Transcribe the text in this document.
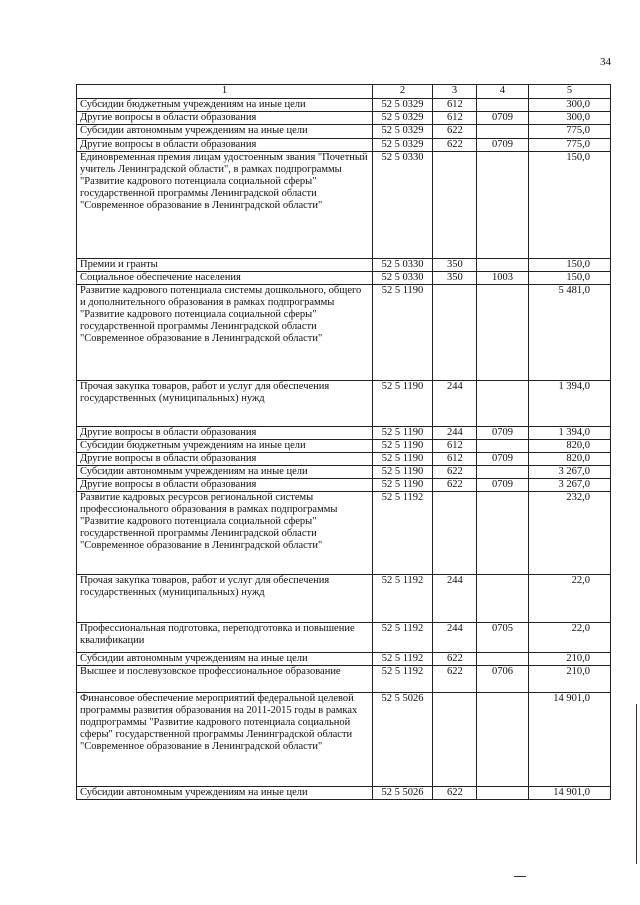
34
1	2	3	4	5
Субсидии бюджетным учреждениям на иные цели	52 5 0329	612		300,0
Другие вопросы в области образования	52 5 0329	612	0709	300,0
Субсидии автономным учреждениям на иные цели	52 5 0329	622		775,0
Другие вопросы в области образования	52 5 0329	622	0709	775,0
Единовременная премия лицам удостоенным звания "Почетный учитель Ленинградской области", в рамках подпрограммы "Развитие кадрового потенциала социальной сферы" государственной программы Ленинградской области "Современное образование в Ленинградской области"	52 5 0330			150,0
Премии и гранты	52 5 0330	350		150,0
Социальное обеспечение населения	52 5 0330	350	1003	150,0
Развитие кадрового потенциала системы дошкольного, общего и дополнительного образования в рамках подпрограммы "Развитие кадрового потенциала социальной сферы" государственной программы Ленинградской области "Современное образование в Ленинградской области"	52 5 1190			5 481,0
Прочая закупка товаров, работ и услуг для обеспечения государственных (муниципальных) нужд	52 5 1190	244		1 394,0
Другие вопросы в области образования	52 5 1190	244	0709	1 394,0
Субсидии бюджетным учреждениям на иные цели	52 5 1190	612		820,0
Другие вопросы в области образования	52 5 1190	612	0709	820,0
Субсидии автономным учреждениям на иные цели	52 5 1190	622		3 267,0
Другие вопросы в области образования	52 5 1190	622	0709	3 267,0
Развитие кадровых ресурсов региональной системы профессионального образования в рамках подпрограммы "Развитие кадрового потенциала социальной сферы" государственной программы Ленинградской области "Современное образование в Ленинградской области"	52 5 1192			232,0
Прочая закупка товаров, работ и услуг для обеспечения государственных (муниципальных) нужд	52 5 1192	244		22,0
Профессиональная подготовка, переподготовка и повышение квалификации	52 5 1192	244	0705	22,0
Субсидии автономным учреждениям на иные цели	52 5 1192	622		210,0
Высшее и послевузовское профессиональное образование	52 5 1192	622	0706	210,0
Финансовое обеспечение мероприятий федеральной целевой программы развития образования на 2011-2015 годы в рамках подпрограммы "Развитие кадрового потенциала социальной сферы" государственной программы Ленинградской области "Современное образование в Ленинградской области"	52 5 5026			14 901,0
Субсидии автономным учреждениям на иные цели	52 5 5026	622		14 901,0
